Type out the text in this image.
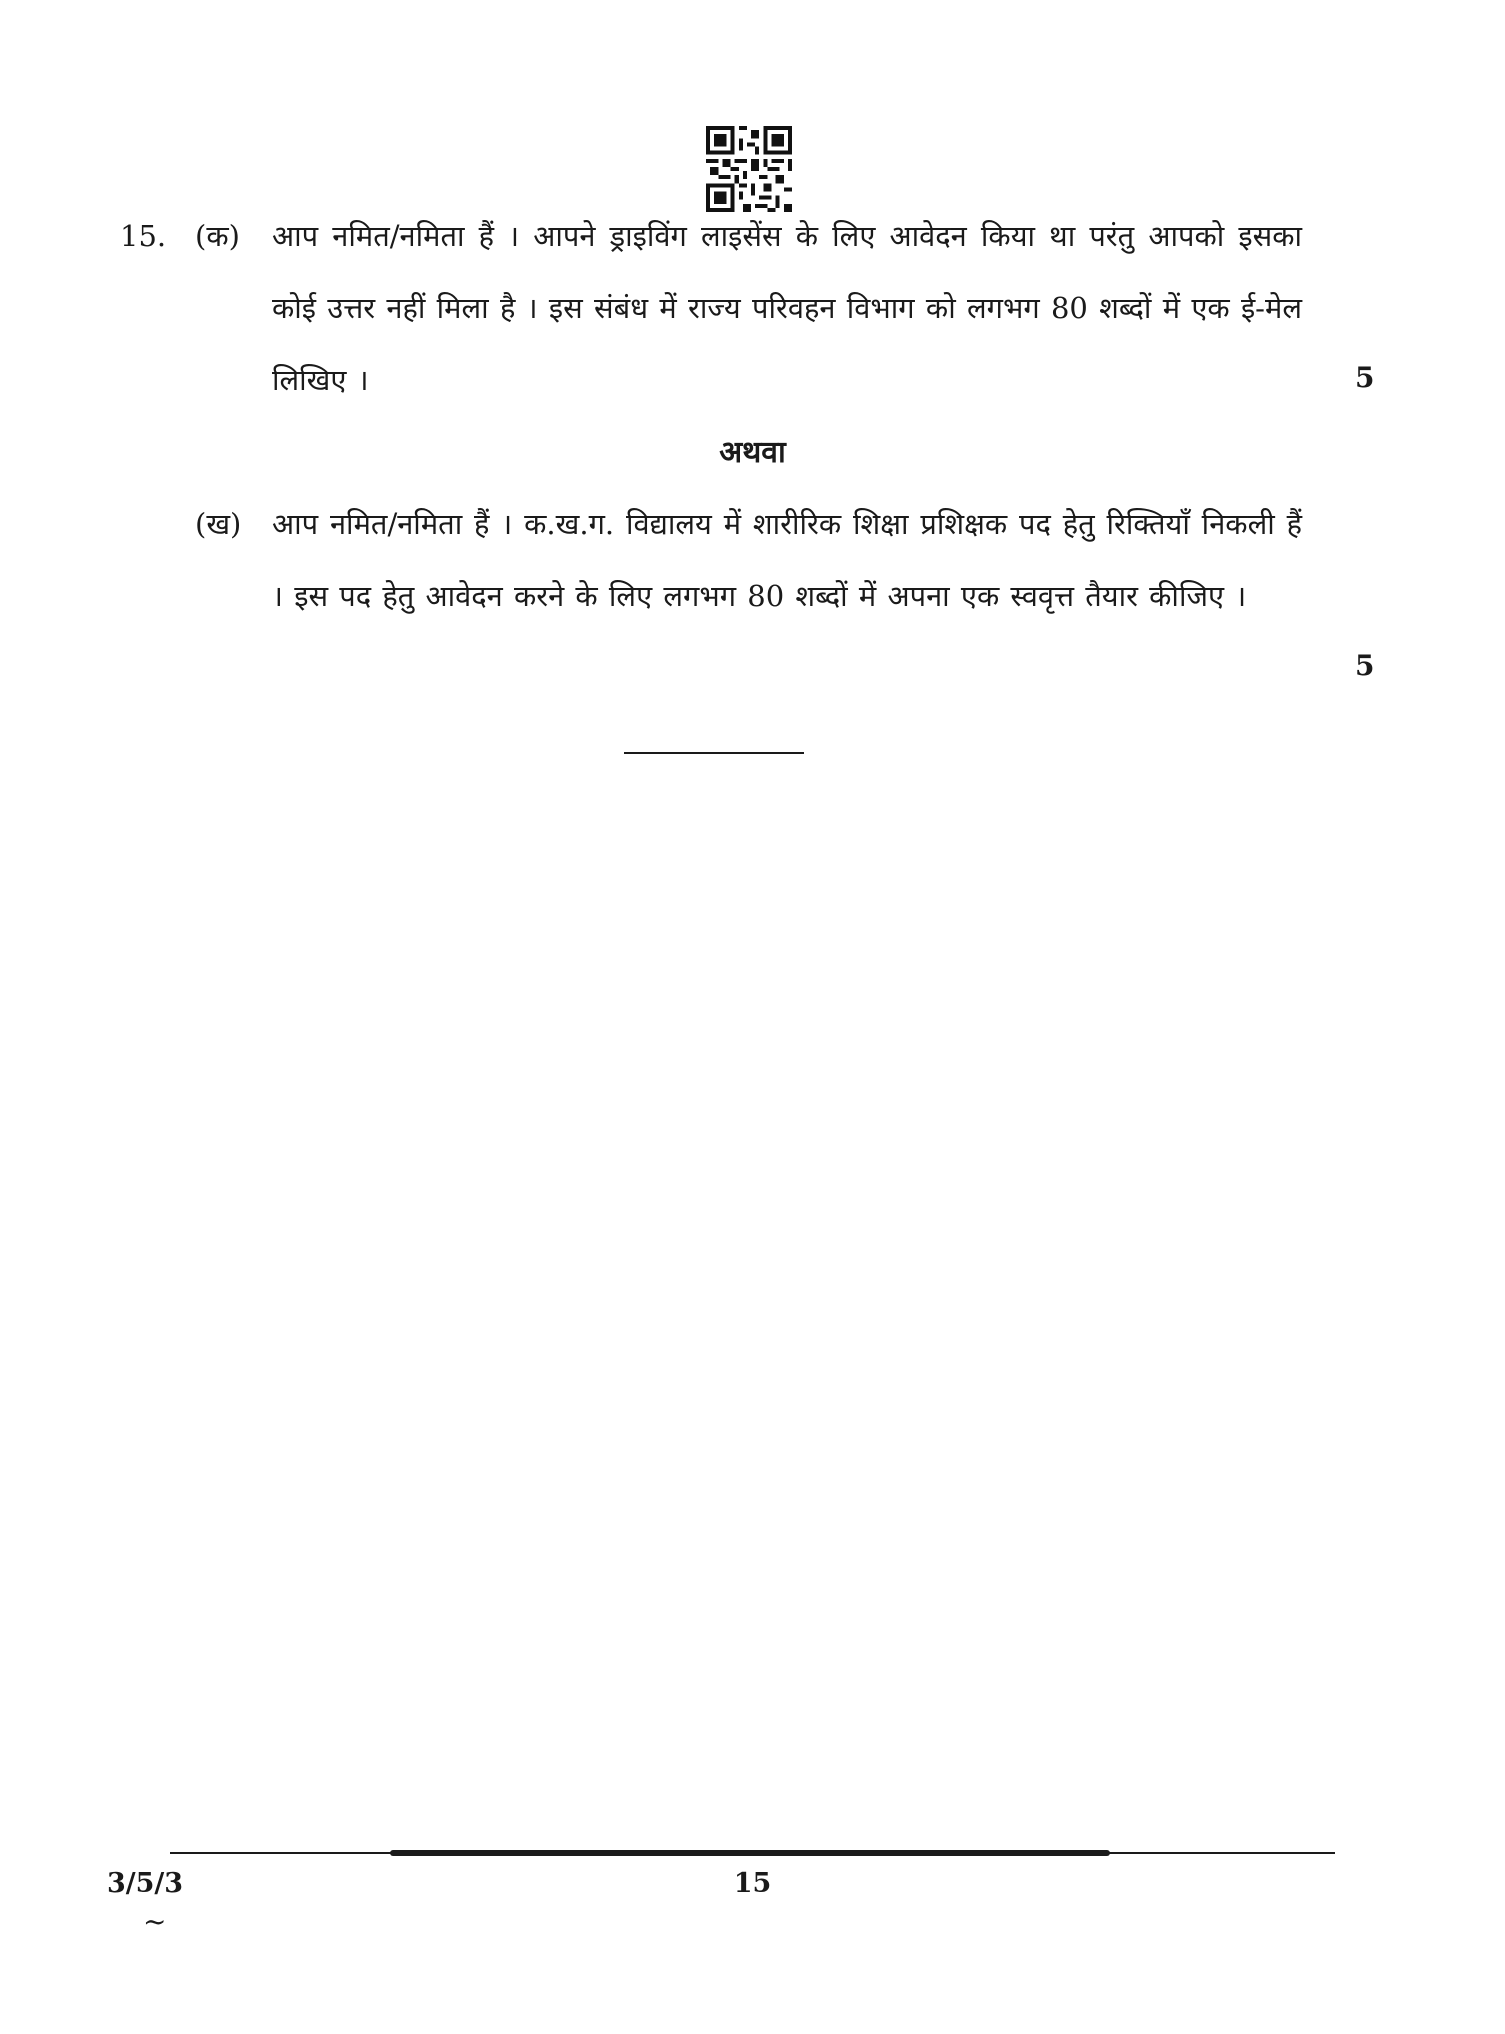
15. (क) आप नमित/नमिता हैं । आपने ड्राइविंग लाइसेंस के लिए आवेदन किया था परंतु आपको इसका कोई उत्तर नहीं मिला है । इस संबंध में राज्य परिवहन विभाग को लगभग 80 शब्दों में एक ई-मेल लिखिए ।	5
अथवा
(ख) आप नमित/नमिता हैं । क.ख.ग. विद्यालय में शारीरिक शिक्षा प्रशिक्षक पद हेतु रिक्तियाँ निकली हैं । इस पद हेतु आवेदन करने के लिए लगभग 80 शब्दों में अपना एक स्ववृत्त तैयार कीजिए ।
5
3/5/3	15
~
